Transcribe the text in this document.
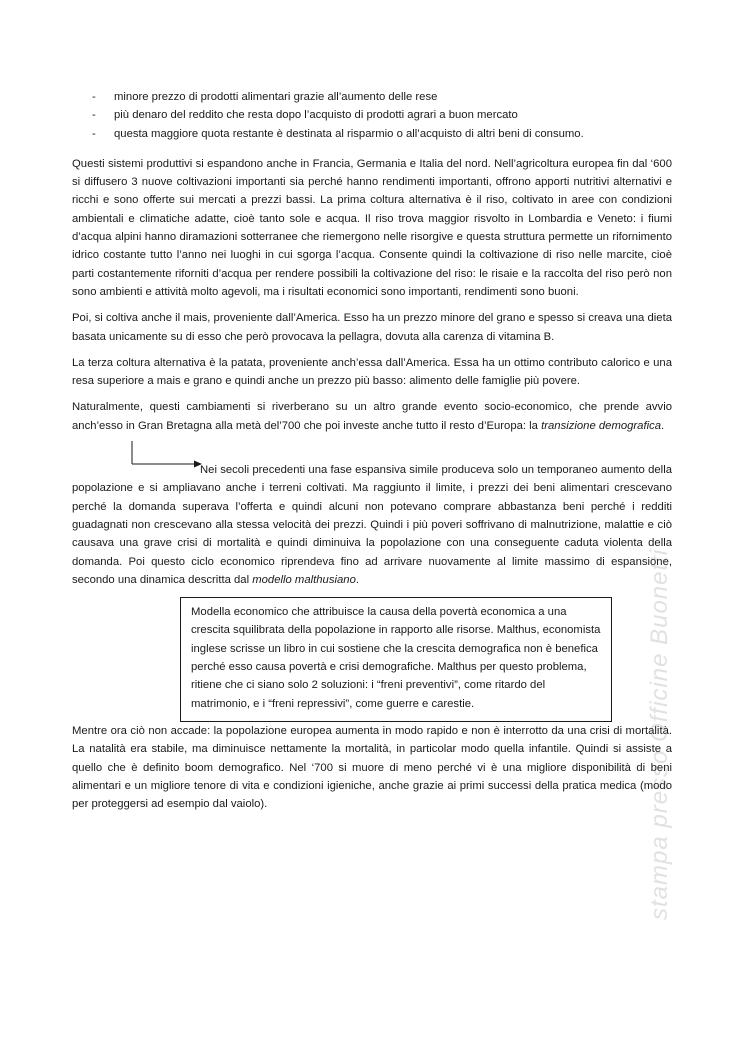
- minore prezzo di prodotti alimentari grazie all’aumento delle rese
- più denaro del reddito che resta dopo l’acquisto di prodotti agrari a buon mercato
- questa maggiore quota restante è destinata al risparmio o all’acquisto di altri beni di consumo.

Questi sistemi produttivi si espandono anche in Francia, Germania e Italia del nord. Nell’agricoltura europea fin dal ‘600 si diffusero 3 nuove coltivazioni importanti sia perché hanno rendimenti importanti, offrono apporti nutritivi alternativi e ricchi e sono offerte sui mercati a prezzi bassi. La prima coltura alternativa è il riso, coltivato in aree con condizioni ambientali e climatiche adatte, cioè tanto sole e acqua. Il riso trova maggior risvolto in Lombardia e Veneto: i fiumi d’acqua alpini hanno diramazioni sotterranee che riemergono nelle risorgive e questa struttura permette un rifornimento idrico costante tutto l’anno nei luoghi in cui sgorga l’acqua. Consente quindi la coltivazione di riso nelle marcite, cioè parti costantemente riforniti d’acqua per rendere possibili la coltivazione del riso: le risaie e la raccolta del riso però non sono ambienti e attività molto agevoli, ma i risultati economici sono importanti, rendimenti sono buoni.

Poi, si coltiva anche il mais, proveniente dall’America. Esso ha un prezzo minore del grano e spesso si creava una dieta basata unicamente su di esso che però provocava la pellagra, dovuta alla carenza di vitamina B.

La terza coltura alternativa è la patata, proveniente anch’essa dall’America. Essa ha un ottimo contributo calorico e una resa superiore a mais e grano e quindi anche un prezzo più basso: alimento delle famiglie più povere.

Naturalmente, questi cambiamenti si riverberano su un altro grande evento socio-economico, che prende avvio anch’esso in Gran Bretagna alla metà del’700 che poi investe anche tutto il resto d’Europa: la transizione demografica.

Nei secoli precedenti una fase espansiva simile produceva solo un temporaneo aumento della popolazione e si ampliavano anche i terreni coltivati. Ma raggiunto il limite, i prezzi dei beni alimentari crescevano perché la domanda superava l’offerta e quindi alcuni non potevano comprare abbastanza beni perché i redditi guadagnati non crescevano alla stessa velocità dei prezzi. Quindi i più poveri soffrivano di malnutrizione, malattie e ciò causava una grave crisi di mortalità e quindi diminuiva la popolazione con una conseguente caduta violenta della domanda. Poi questo ciclo economico riprendeva fino ad arrivare nuovamente al limite massimo di espansione, secondo una dinamica descritta dal modello malthusiano.

Modella economico che attribuisce la causa della povertà economica a una crescita squilibrata della popolazione in rapporto alle risorse. Malthus, economista inglese scrisse un libro in cui sostiene che la crescita demografica non è benefica perché esso causa povertà e crisi demografiche. Malthus per questo problema, ritiene che ci siano solo 2 soluzioni: i “freni preventivi”, come ritardo del matrimonio, e i “freni repressivi”, come guerre e carestie.

Mentre ora ciò non accade: la popolazione europea aumenta in modo rapido e non è interrotto da una crisi di mortalità. La natalità era stabile, ma diminuisce nettamente la mortalità, in particolar modo quella infantile. Quindi si assiste a quello che è definito boom demografico. Nel ‘700 si muore di meno perché vi è una migliore disponibilità di beni alimentari e un migliore tenore di vita e condizioni igieniche, anche grazie ai primi successi della pratica medica (modo per proteggersi ad esempio dal vaiolo).	stampa presso Officine Buonetti
